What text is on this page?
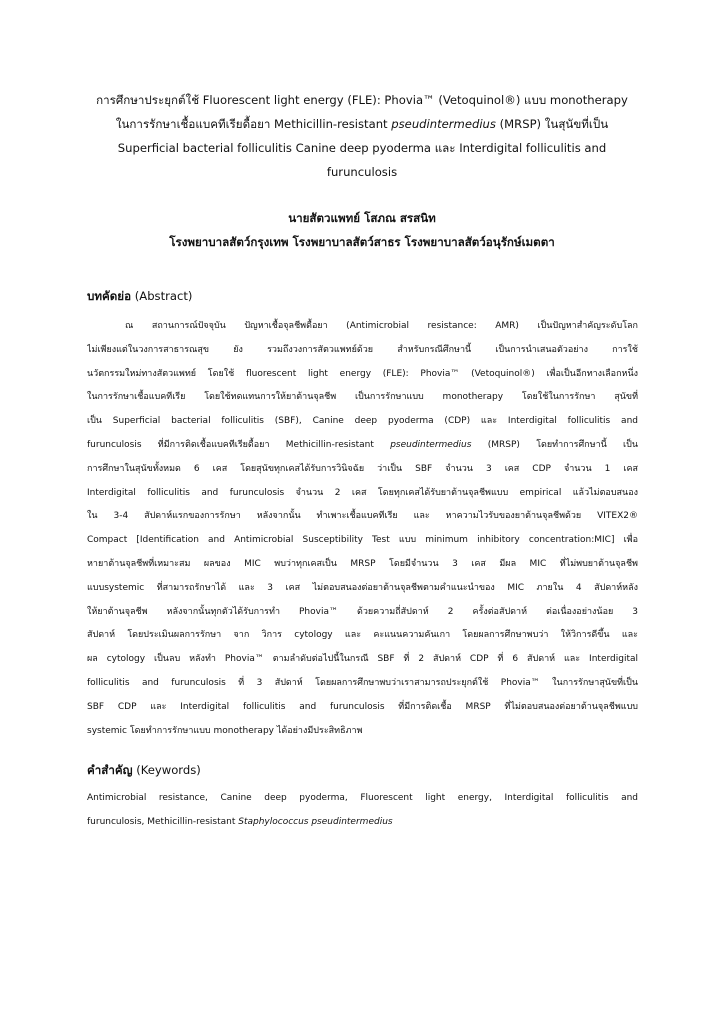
การศึกษาประยุกต์ใช้ Fluorescent light energy (FLE): Phovia™ (Vetoquinol®) แบบ monotherapy
ในการรักษาเชื้อแบคทีเรียดื้อยา Methicillin-resistant pseudintermedius (MRSP) ในสุนัขที่เป็น
Superficial bacterial folliculitis Canine deep pyoderma และ Interdigital folliculitis and
furunculosis
นายสัตวแพทย์ โสภณ สรสนิท
โรงพยาบาลสัตว์กรุงเทพ โรงพยาบาลสัตว์สาธร โรงพยาบาลสัตว์อนุรักษ์เมตตา
บทคัดย่อ (Abstract)
ณ สถานการณ์ปัจจุบัน ปัญหาเชื้อจุลชีพดื้อยา (Antimicrobial resistance: AMR) เป็นปัญหาสำคัญระดับโลก
ไม่เพียงแต่ในวงการสาธารณสุข ยัง รวมถึงวงการสัตวแพทย์ด้วย สำหรับกรณีศึกษานี้ เป็นการนำเสนอตัวอย่าง การใช้
นวัตกรรมใหม่ทางสัตวแพทย์ โดยใช้ fluorescent light energy (FLE): Phovia™ (Vetoquinol®) เพื่อเป็นอีกทางเลือกหนึ่ง
ในการรักษาเชื้อแบคทีเรีย โดยใช้ทดแทนการให้ยาต้านจุลชีพ เป็นการรักษาแบบ monotherapy โดยใช้ในการรักษา สุนัขที่
เป็น Superficial bacterial folliculitis (SBF), Canine deep pyoderma (CDP) และ Interdigital folliculitis and
furunculosis ที่มีการติดเชื้อแบคทีเรียดื้อยา Methicillin-resistant pseudintermedius (MRSP) โดยทำการศึกษานี้ เป็น
การศึกษาในสุนัขทั้งหมด 6 เคส โดยสุนัขทุกเคสได้รับการวินิจฉัย ว่าเป็น SBF จำนวน 3 เคส CDP จำนวน 1 เคส
Interdigital folliculitis and furunculosis จำนวน 2 เคส โดยทุกเคสได้รับยาต้านจุลชีพแบบ empirical แล้วไม่ตอบสนอง
ใน 3-4 สัปดาห์แรกของการรักษา หลังจากนั้น ทำเพาะเชื้อแบคทีเรีย และ หาความไวรับของยาต้านจุลชีพด้วย VITEX2®
Compact [Identification and Antimicrobial Susceptibility Test แบบ minimum inhibitory concentration:MIC] เพื่อ
หายาต้านจุลชีพที่เหมาะสม ผลของ MIC พบว่าทุกเคสเป็น MRSP โดยมีจำนวน 3 เคส มีผล MIC ที่ไม่พบยาต้านจุลชีพ
แบบsystemic ที่สามารถรักษาได้ และ 3 เคส ไม่ตอบสนองต่อยาต้านจุลชีพตามคำแนะนำของ MIC ภายใน 4 สัปดาห์หลัง
ให้ยาต้านจุลชีพ หลังจากนั้นทุกตัวได้รับการทำ Phovia™ ด้วยความถี่สัปดาห์ 2 ครั้งต่อสัปดาห์ ต่อเนื่องอย่างน้อย 3
สัปดาห์ โดยประเมินผลการรักษา จาก วิการ cytology และ คะแนนความคันเกา โดยผลการศึกษาพบว่า ให้วิการดีขึ้น และ
ผล cytology เป็นลบ หลังทำ Phovia™ ตามลำดับต่อไปนี้ในกรณี SBF ที่ 2 สัปดาห์ CDP ที่ 6 สัปดาห์ และ Interdigital
folliculitis and furunculosis ที่ 3 สัปดาห์ โดยผลการศึกษาพบว่าเราสามารถประยุกต์ใช้ Phovia™ ในการรักษาสุนัขที่เป็น
SBF CDP และ Interdigital folliculitis and furunculosis ที่มีการติดเชื้อ MRSP ที่ไม่ตอบสนองต่อยาต้านจุลชีพแบบ
systemic โดยทำการรักษาแบบ monotherapy ได้อย่างมีประสิทธิภาพ
คำสำคัญ (Keywords)
Antimicrobial resistance, Canine deep pyoderma, Fluorescent light energy, Interdigital folliculitis and
furunculosis, Methicillin-resistant Staphylococcus pseudintermedius
